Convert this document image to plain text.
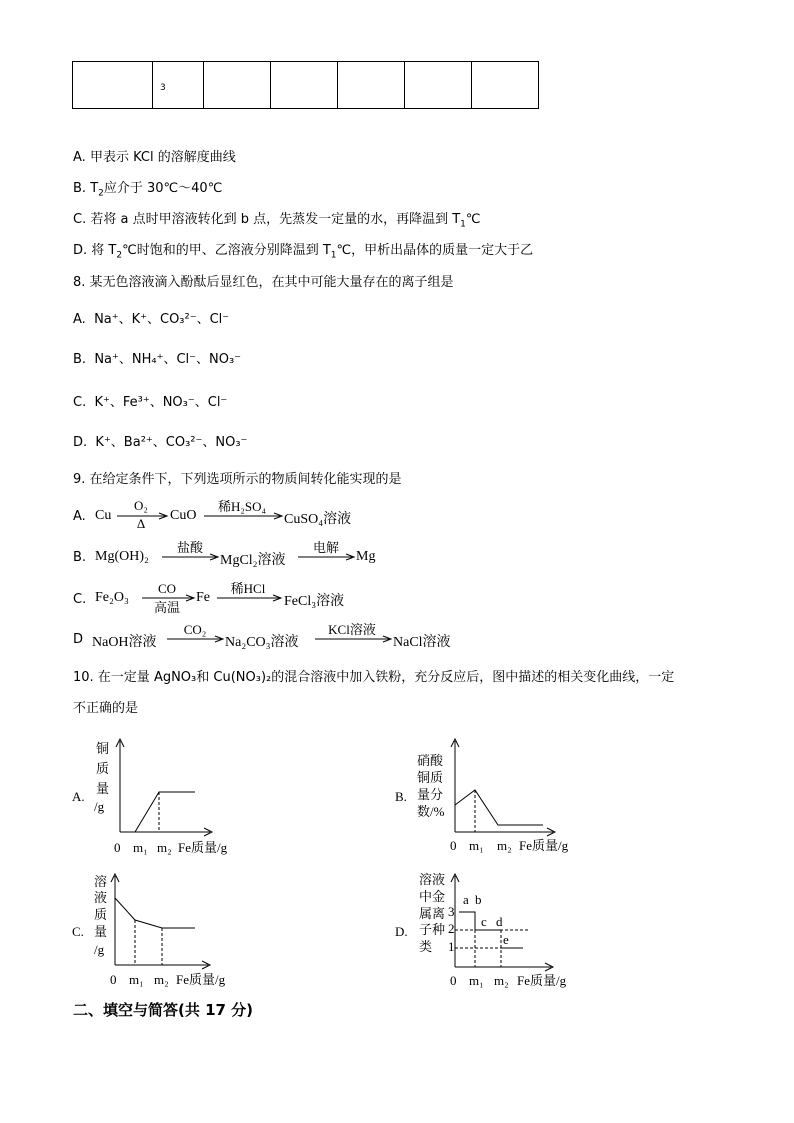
3

A. 甲表示 KCl 的溶解度曲线
B. $T_2$应介于 30℃～40℃
C. 若将 a 点时甲溶液转化到 b 点，先蒸发一定量的水，再降温到 $T_1℃$
D. 将 $T_2℃$时饱和的甲、乙溶液分别降温到 $T_1℃$，甲析出晶体的质量一定大于乙
8. 某无色溶液滴入酚酞后显红色，在其中可能大量存在的离子组是
A. Na⁺、K⁺、CO₃²⁻、Cl⁻
B. Na⁺、NH₄⁺、Cl⁻、NO₃⁻
C. K⁺、Fe³⁺、NO₃⁻、Cl⁻
D. K⁺、Ba²⁺、CO₃²⁻、NO₃⁻
9. 在给定条件下，下列选项所示的物质间转化能实现的是
A. Cu
O₂
Δ
CuO
稀H₂SO₄
CuSO₄溶液
B. Mg(OH)₂
盐酸
MgCl₂溶液
电解
Mg
C. Fe₂O₃
CO
高温
Fe
稀HCl
FeCl₃溶液
D NaOH溶液
CO₂
Na₂CO₃溶液
KCl溶液
NaCl溶液
10. 在一定量 AgNO₃和 Cu(NO₃)₂的混合溶液中加入铁粉，充分反应后，图中描述的相关变化曲线，一定
不正确的是
A.
铜
质
量
/g
0 m₁ m₂ Fe质量/g
B.
硝酸
铜质
量分
数/%
0 m₁ m₂ Fe质量/g
C.
溶
液
质
量
/g
0 m₁ m₂ Fe质量/g
D.
溶液
中金
属离
子种
类
3
2
1
a b
c d
e
0 m₁ m₂ Fe质量/g
二、填空与简答(共 17 分)
